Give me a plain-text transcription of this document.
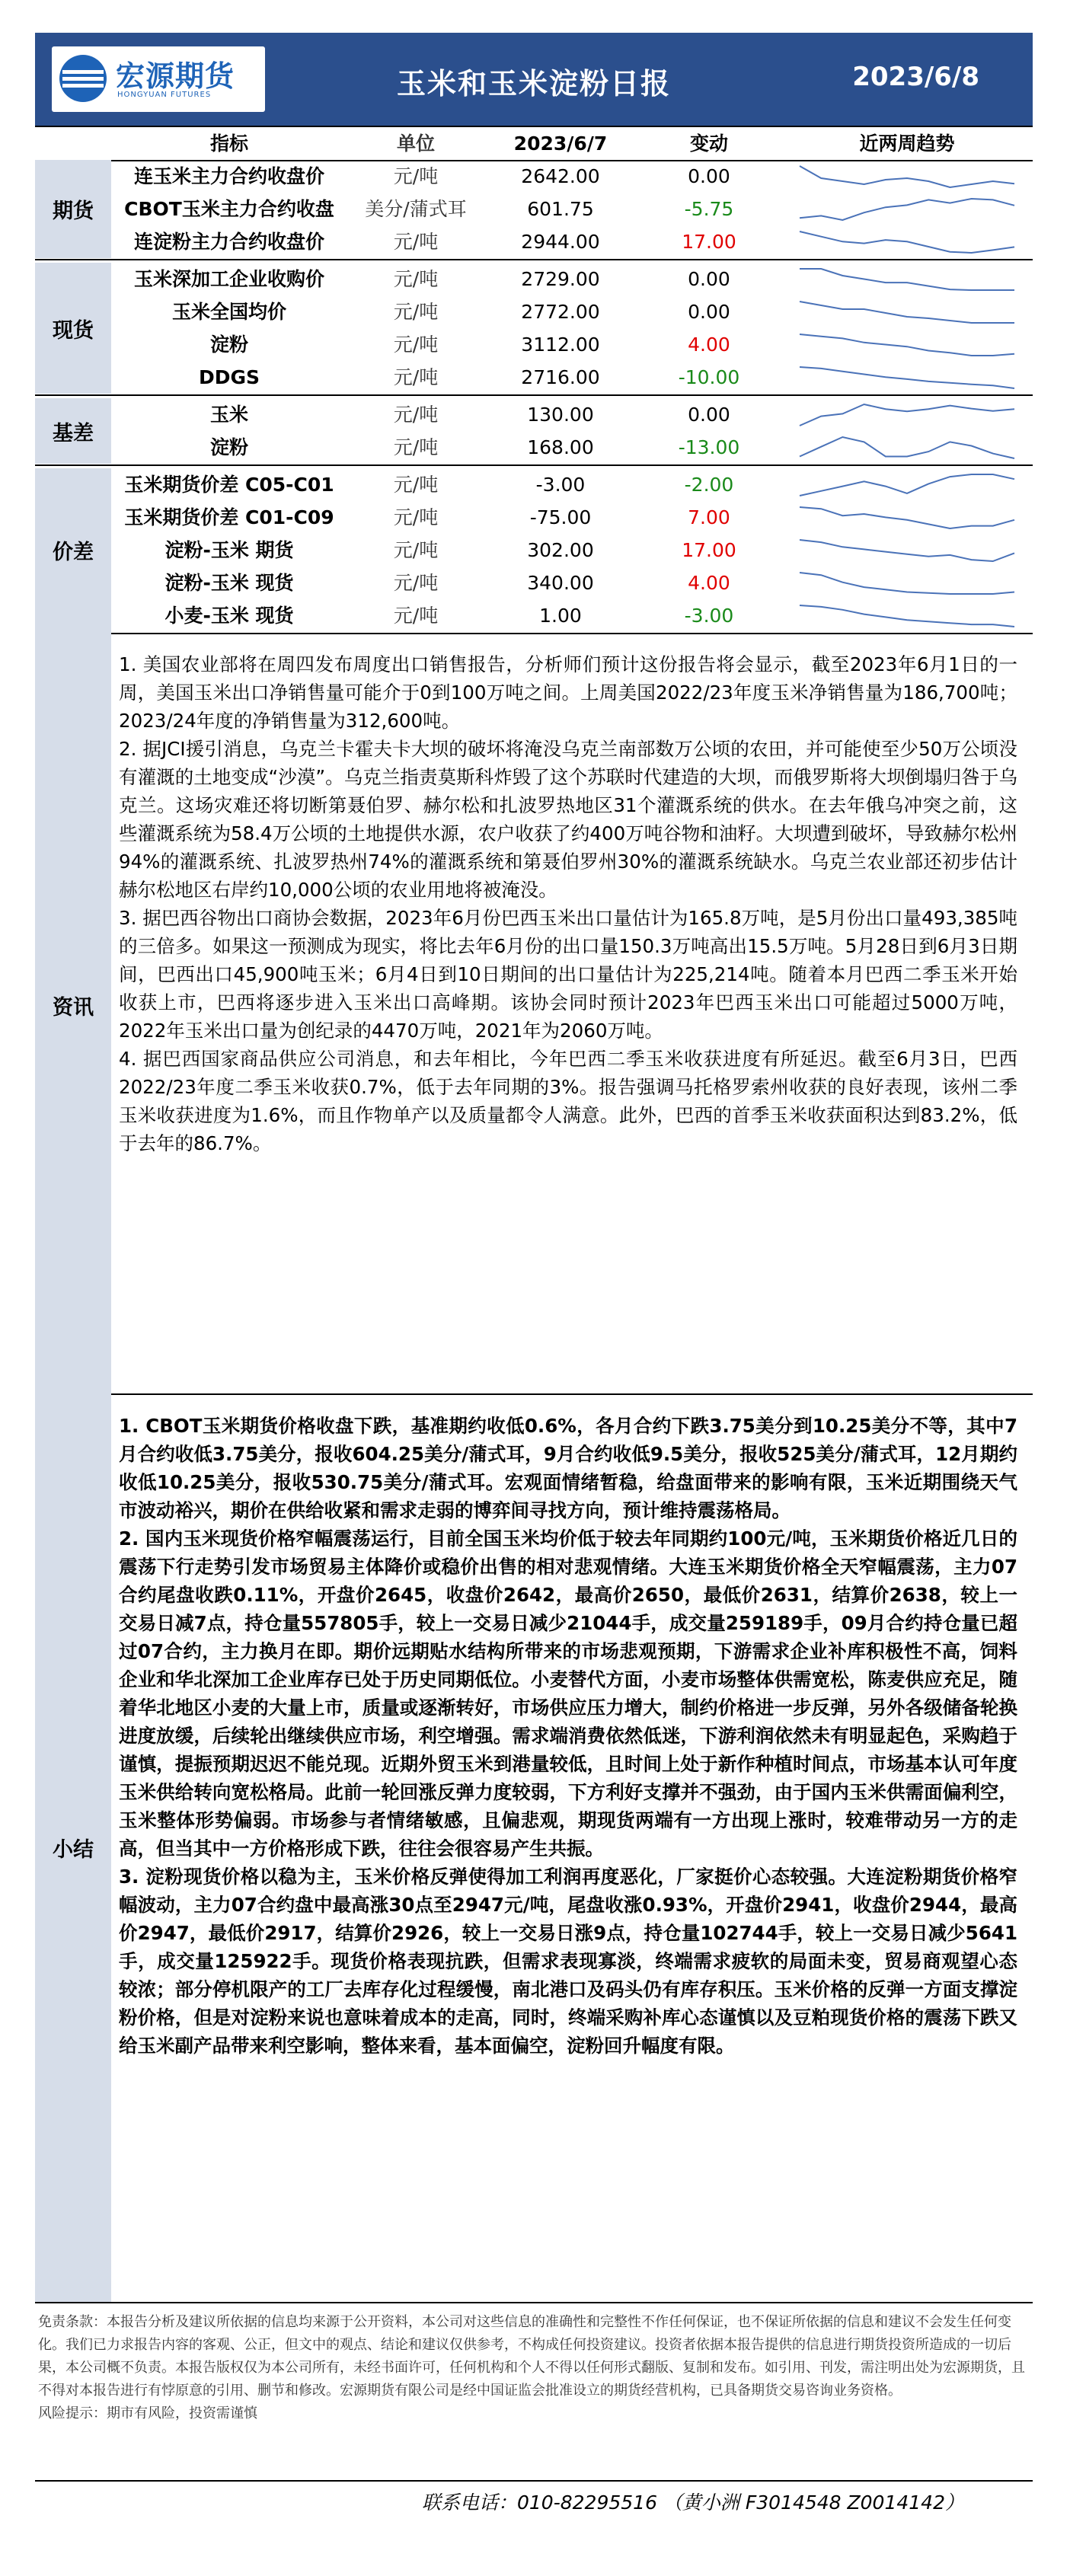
宏源期货
HONGYUAN FUTURES	玉米和玉米淀粉日报	2023/6/8
指标	单位	2023/6/7	变动	近两周趋势
连玉米主力合约收盘价	元/吨	2642.00	0.00
CBOT玉米主力合约收盘	美分/蒲式耳	601.75	-5.75
连淀粉主力合约收盘价	元/吨	2944.00	17.00
期货
玉米深加工企业收购价	元/吨	2729.00	0.00
玉米全国均价	元/吨	2772.00	0.00
淀粉	元/吨	3112.00	4.00
DDGS	元/吨	2716.00	-10.00
现货
玉米	元/吨	130.00	0.00
淀粉	元/吨	168.00	-13.00
基差
玉米期货价差 C05-C01	元/吨	-3.00	-2.00
玉米期货价差 C01-C09	元/吨	-75.00	7.00
淀粉-玉米 期货	元/吨	302.00	17.00
淀粉-玉米 现货	元/吨	340.00	4.00
小麦-玉米 现货	元/吨	1.00	-3.00
价差
资讯

1. 美国农业部将在周四发布周度出口销售报告，分析师们预计这份报告将会显示，截至2023年6月1日的一周，美国玉米出口净销售量可能介于0到100万吨之间。上周美国2022/23年度玉米净销售量为186,700吨；2023/24年度的净销售量为312,600吨。

2. 据JCI援引消息，乌克兰卡霍夫卡大坝的破坏将淹没乌克兰南部数万公顷的农田，并可能使至少50万公顷没有灌溉的土地变成“沙漠”。乌克兰指责莫斯科炸毁了这个苏联时代建造的大坝，而俄罗斯将大坝倒塌归咎于乌克兰。这场灾难还将切断第聂伯罗、赫尔松和扎波罗热地区31个灌溉系统的供水。在去年俄乌冲突之前，这些灌溉系统为58.4万公顷的土地提供水源，农户收获了约400万吨谷物和油籽。大坝遭到破坏，导致赫尔松州94%的灌溉系统、扎波罗热州74%的灌溉系统和第聂伯罗州30%的灌溉系统缺水。乌克兰农业部还初步估计赫尔松地区右岸约10,000公顷的农业用地将被淹没。

3. 据巴西谷物出口商协会数据，2023年6月份巴西玉米出口量估计为165.8万吨，是5月份出口量493,385吨的三倍多。如果这一预测成为现实，将比去年6月份的出口量150.3万吨高出15.5万吨。5月28日到6月3日期间，巴西出口45,900吨玉米；6月4日到10日期间的出口量估计为225,214吨。随着本月巴西二季玉米开始收获上市，巴西将逐步进入玉米出口高峰期。该协会同时预计2023年巴西玉米出口可能超过5000万吨，2022年玉米出口量为创纪录的4470万吨，2021年为2060万吨。

4. 据巴西国家商品供应公司消息，和去年相比，今年巴西二季玉米收获进度有所延迟。截至6月3日，巴西2022/23年度二季玉米收获0.7%，低于去年同期的3%。报告强调马托格罗索州收获的良好表现，该州二季玉米收获进度为1.6%，而且作物单产以及质量都令人满意。此外，巴西的首季玉米收获面积达到83.2%，低于去年的86.7%。

小结

1. CBOT玉米期货价格收盘下跌，基准期约收低0.6%，各月合约下跌3.75美分到10.25美分不等，其中7月合约收低3.75美分，报收604.25美分/蒲式耳，9月合约收低9.5美分，报收525美分/蒲式耳，12月期约收低10.25美分，报收530.75美分/蒲式耳。宏观面情绪暂稳，给盘面带来的影响有限，玉米近期围绕天气市波动裕兴，期价在供给收紧和需求走弱的博弈间寻找方向，预计维持震荡格局。

2. 国内玉米现货价格窄幅震荡运行，目前全国玉米均价低于较去年同期约100元/吨，玉米期货价格近几日的震荡下行走势引发市场贸易主体降价或稳价出售的相对悲观情绪。大连玉米期货价格全天窄幅震荡，主力07合约尾盘收跌0.11%，开盘价2645，收盘价2642，最高价2650，最低价2631，结算价2638，较上一交易日减7点，持仓量557805手，较上一交易日减少21044手，成交量259189手，09月合约持仓量已超过07合约，主力换月在即。期价远期贴水结构所带来的市场悲观预期，下游需求企业补库积极性不高，饲料企业和华北深加工企业库存已处于历史同期低位。小麦替代方面，小麦市场整体供需宽松，陈麦供应充足，随着华北地区小麦的大量上市，质量或逐渐转好，市场供应压力增大，制约价格进一步反弹，另外各级储备轮换进度放缓，后续轮出继续供应市场，利空增强。需求端消费依然低迷，下游利润依然未有明显起色，采购趋于谨慎，提振预期迟迟不能兑现。近期外贸玉米到港量较低，且时间上处于新作种植时间点，市场基本认可年度玉米供给转向宽松格局。此前一轮回涨反弹力度较弱，下方利好支撑并不强劲，由于国内玉米供需面偏利空，玉米整体形势偏弱。市场参与者情绪敏感，且偏悲观，期现货两端有一方出现上涨时，较难带动另一方的走高，但当其中一方价格形成下跌，往往会很容易产生共振。

3. 淀粉现货价格以稳为主，玉米价格反弹使得加工利润再度恶化，厂家挺价心态较强。大连淀粉期货价格窄幅波动，主力07合约盘中最高涨30点至2947元/吨，尾盘收涨0.93%，开盘价2941，收盘价2944，最高价2947，最低价2917，结算价2926，较上一交易日涨9点，持仓量102744手，较上一交易日减少5641手，成交量125922手。现货价格表现抗跌，但需求表现寡淡，终端需求疲软的局面未变，贸易商观望心态较浓；部分停机限产的工厂去库存化过程缓慢，南北港口及码头仍有库存积压。玉米价格的反弹一方面支撑淀粉价格，但是对淀粉来说也意味着成本的走高，同时，终端采购补库心态谨慎以及豆粕现货价格的震荡下跌又给玉米副产品带来利空影响，整体来看，基本面偏空，淀粉回升幅度有限。

免责条款：本报告分析及建议所依据的信息均来源于公开资料，本公司对这些信息的准确性和完整性不作任何保证，也不保证所依据的信息和建议不会发生任何变化。我们已力求报告内容的客观、公正，但文中的观点、结论和建议仅供参考，不构成任何投资建议。投资者依据本报告提供的信息进行期货投资所造成的一切后果，本公司概不负责。本报告版权仅为本公司所有，未经书面许可，任何机构和个人不得以任何形式翻版、复制和发布。如引用、刊发，需注明出处为宏源期货，且不得对本报告进行有悖原意的引用、删节和修改。宏源期货有限公司是经中国证监会批准设立的期货经营机构，已具备期货交易咨询业务资格。

风险提示：期市有风险，投资需谨慎

联系电话：010-82295516 （黄小洲 F3014548 Z0014142）
